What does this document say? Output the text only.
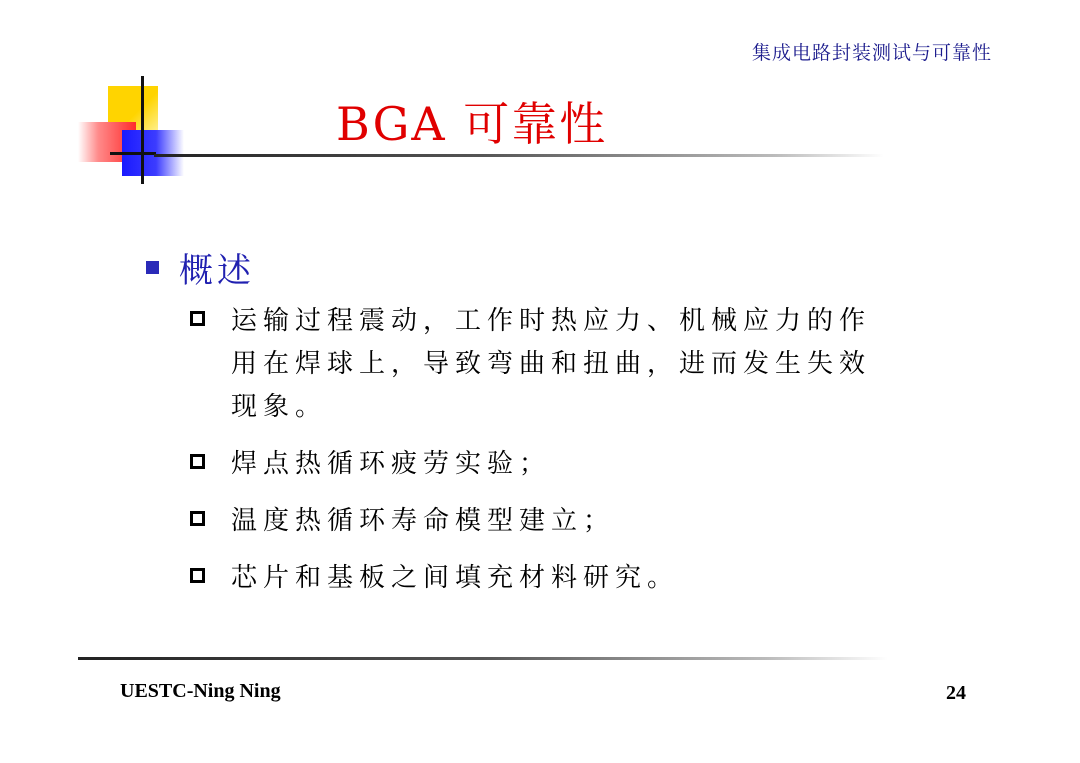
集成电路封装测试与可靠性
BGA 可靠性
概述
运输过程震动，工作时热应力、机械应力的作用在焊球上，导致弯曲和扭曲，进而发生失效现象。
焊点热循环疲劳实验；
温度热循环寿命模型建立；
芯片和基板之间填充材料研究。
UESTC-Ning Ning	24
